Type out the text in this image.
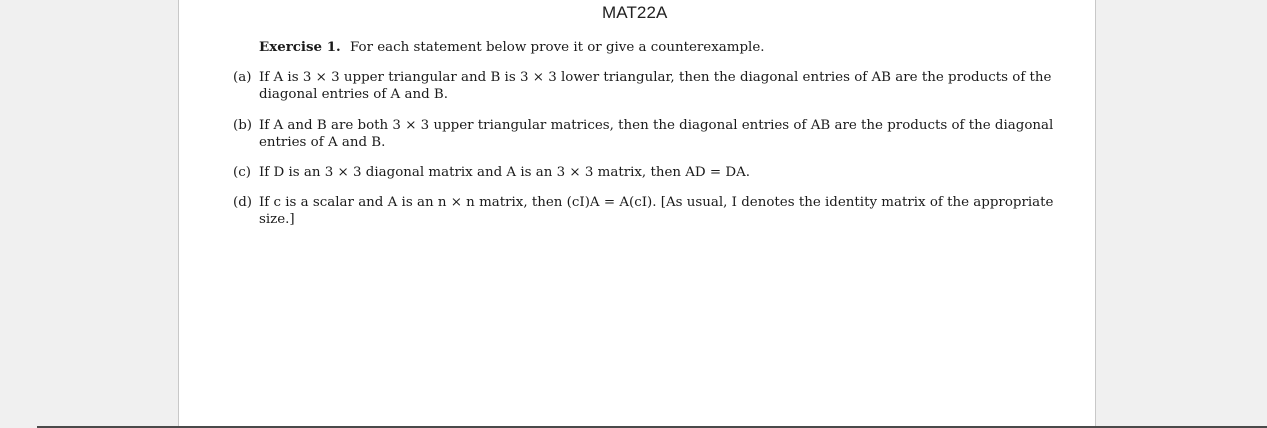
MAT22A
Exercise 1. For each statement below prove it or give a counterexample.
(a) If A is 3 × 3 upper triangular and B is 3 × 3 lower triangular, then the diagonal entries of AB are the products of the
diagonal entries of A and B.
(b) If A and B are both 3 × 3 upper triangular matrices, then the diagonal entries of AB are the products of the diagonal
entries of A and B.
(c) If D is an 3 × 3 diagonal matrix and A is an 3 × 3 matrix, then AD = DA.
(d) If c is a scalar and A is an n × n matrix, then (cI)A = A(cI). [As usual, I denotes the identity matrix of the appropriate
size.]
